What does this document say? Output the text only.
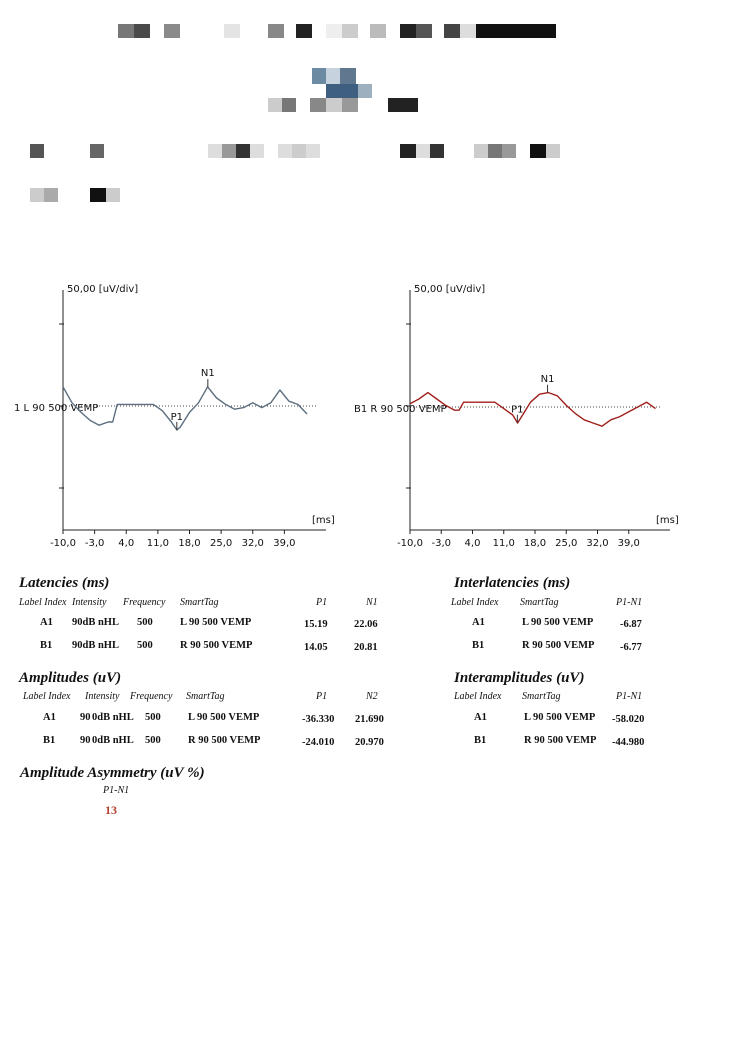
50,00 [uV/div]
[ms]
1 L 90 500 VEMP
-10,0 -3,0 4,0 11,0 18,0 25,0 32,0 39,0
P1
N1
50,00 [uV/div]
[ms]
B1 R 90 500 VEMP
-10,0 -3,0 4,0 11,0 18,0 25,0 32,0 39,0
P1
N1
Latencies (ms)
Label Index Intensity Frequency SmartTag	P1	N1
A1 90dB nHL 500	L 90 500 VEMP	15.19	22.06
B1 90dB nHL 500	R 90 500 VEMP	14.05	20.81
Interlatencies (ms)
Label Index SmartTag	P1-N1
A1	L 90 500 VEMP	-6.87
B1	R 90 500 VEMP -6.77
Amplitudes (uV)
Label Index Intensity Frequency SmartTag	P1	N2
A1 90 0dB nHL 500	L 90 500 VEMP	-36.330 21.690
B1 90 0dB nHL 500	R 90 500 VEMP	-24.010 20.970
Interamplitudes (uV)
Label Index SmartTag	P1-N1
A1	L 90 500 VEMP -58.020
B1	R 90 500 VEMP -44.980
Amplitude Asymmetry (uV %)
P1-N1
13
